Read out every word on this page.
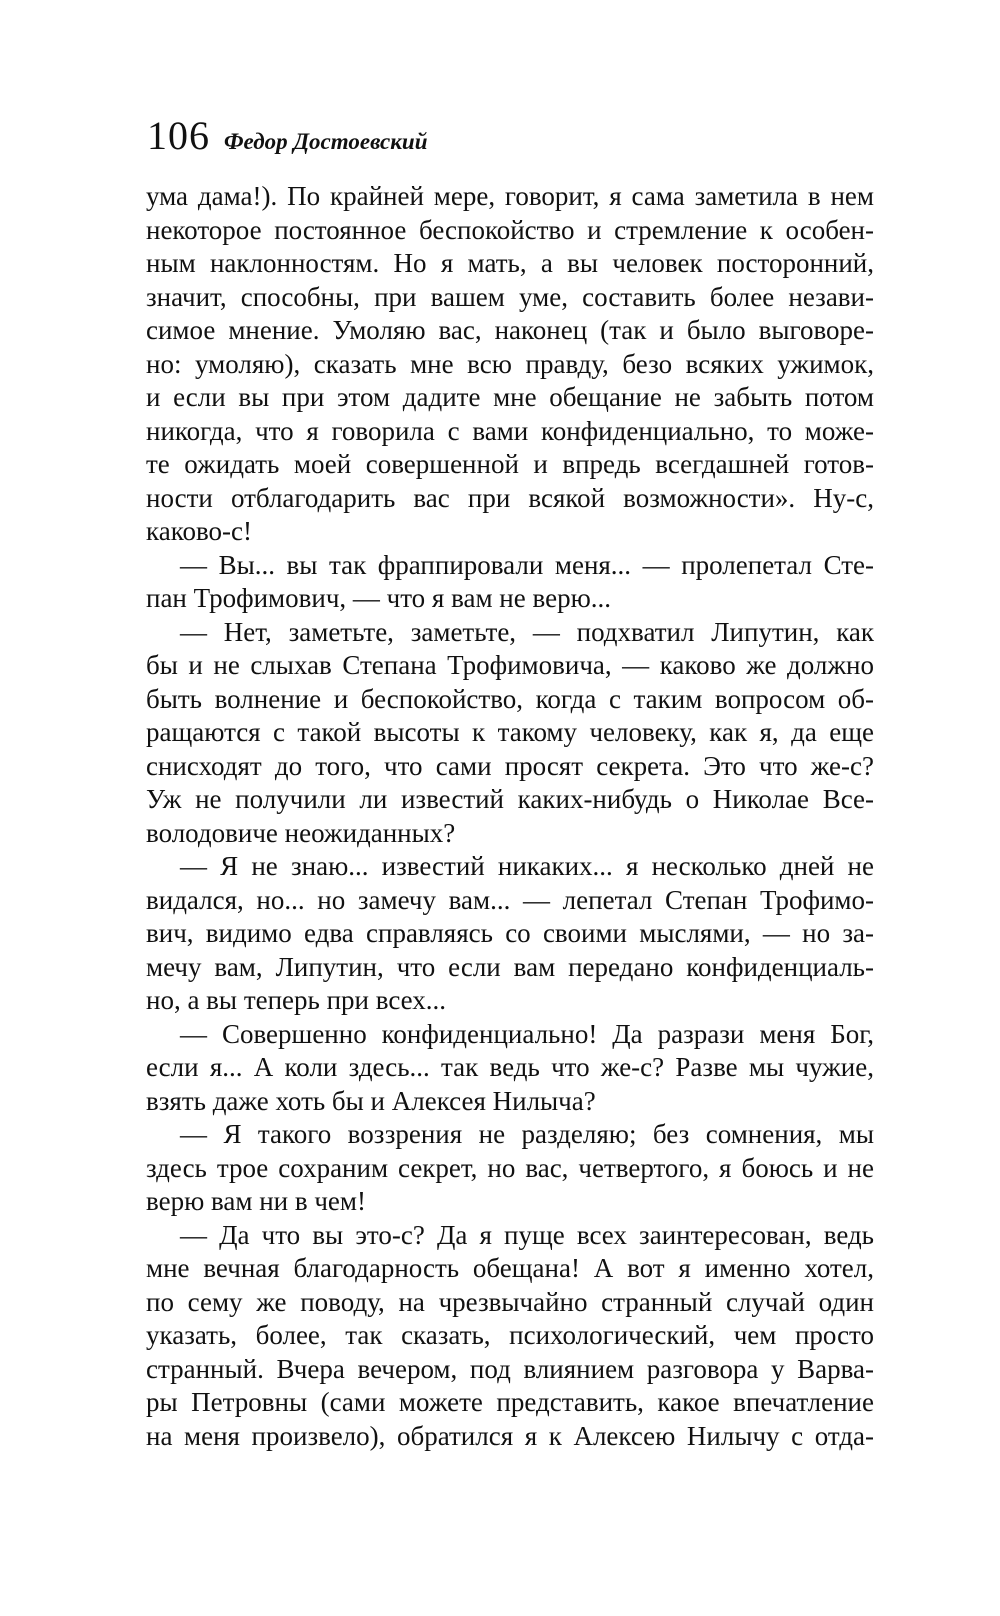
106 Федор Достоевский
ума дама!). По крайней мере, говорит, я сама заметила в нем
некоторое постоянное беспокойство и стремление к особен-
ным наклонностям. Но я мать, а вы человек посторонний,
значит, способны, при вашем уме, составить более незави-
симое мнение. Умоляю вас, наконец (так и было выговоре-
но: умоляю), сказать мне всю правду, безо всяких ужимок,
и если вы при этом дадите мне обещание не забыть потом
никогда, что я говорила с вами конфиденциально, то може-
те ожидать моей совершенной и впредь всегдашней готов-
ности отблагодарить вас при всякой возможности». Ну-с,
каково-с!
— Вы... вы так фраппировали меня... — пролепетал Сте-
пан Трофимович, — что я вам не верю...
— Нет, заметьте, заметьте, — подхватил Липутин, как
бы и не слыхав Степана Трофимовича, — каково же должно
быть волнение и беспокойство, когда с таким вопросом об-
ращаются с такой высоты к такому человеку, как я, да еще
снисходят до того, что сами просят секрета. Это что же-с?
Уж не получили ли известий каких-нибудь о Николае Все-
володовиче неожиданных?
— Я не знаю... известий никаких... я несколько дней не
видался, но... но замечу вам... — лепетал Степан Трофимо-
вич, видимо едва справляясь со своими мыслями, — но за-
мечу вам, Липутин, что если вам передано конфиденциаль-
но, а вы теперь при всех...
— Совершенно конфиденциально! Да разрази меня Бог,
если я... А коли здесь... так ведь что же-с? Разве мы чужие,
взять даже хоть бы и Алексея Нилыча?
— Я такого воззрения не разделяю; без сомнения, мы
здесь трое сохраним секрет, но вас, четвертого, я боюсь и не
верю вам ни в чем!
— Да что вы это-с? Да я пуще всех заинтересован, ведь
мне вечная благодарность обещана! А вот я именно хотел,
по сему же поводу, на чрезвычайно странный случай один
указать, более, так сказать, психологический, чем просто
странный. Вчера вечером, под влиянием разговора у Варва-
ры Петровны (сами можете представить, какое впечатление
на меня произвело), обратился я к Алексею Нилычу с отда-
